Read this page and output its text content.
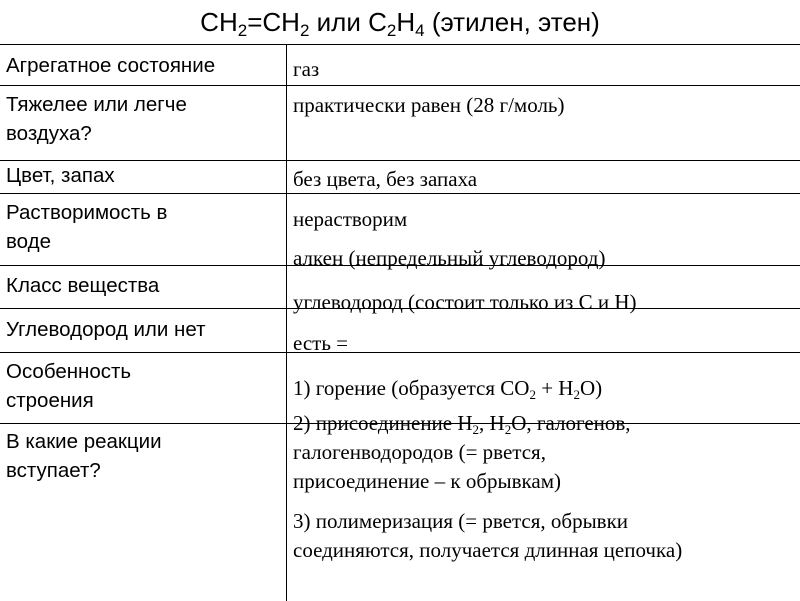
$CH_2=CH_2$ или $C_2H_4$ (этилен, этен)
Агрегатное состояние	газ
Тяжелее или легче
воздуха?
практически равен (28 г/моль)
Цвет, запах	без цвета, без запаха
Растворимость в
воде
нерастворим
Класс вещества
алкен (непредельный углеводород)
Углеводород или нет
углеводород (состоит только из С и Н)
Особенность
строения
есть =
В какие реакции
вступает?
1) горение (образуется $CO_2 + H_2O$)
2) присоединение $H_2$, $H_2O$, галогенов,
галогенводородов (= рвется,
присоединение – к обрывкам)
3) полимеризация (= рвется, обрывки
соединяются, получается длинная цепочка)
